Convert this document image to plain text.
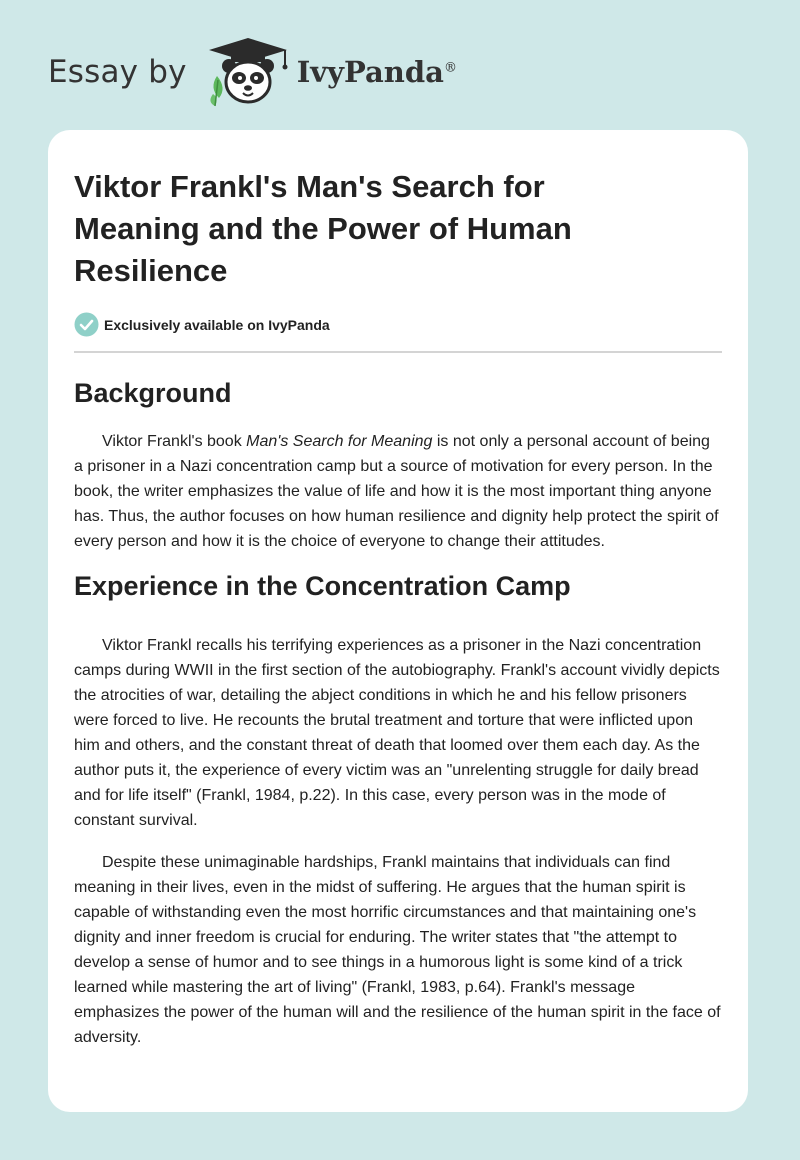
Essay by	IvyPanda®
Viktor Frankl's Man's Search for Meaning and the Power of Human Resilience
Exclusively available on IvyPanda
Background

Viktor Frankl's book Man's Search for Meaning is not only a personal account of being a prisoner in a Nazi concentration camp but a source of motivation for every person. In the book, the writer emphasizes the value of life and how it is the most important thing anyone has. Thus, the author focuses on how human resilience and dignity help protect the spirit of every person and how it is the choice of everyone to change their attitudes.

Experience in the Concentration Camp

Viktor Frankl recalls his terrifying experiences as a prisoner in the Nazi concentration camps during WWII in the first section of the autobiography. Frankl's account vividly depicts the atrocities of war, detailing the abject conditions in which he and his fellow prisoners were forced to live. He recounts the brutal treatment and torture that were inflicted upon him and others, and the constant threat of death that loomed over them each day. As the author puts it, the experience of every victim was an "unrelenting struggle for daily bread and for life itself" (Frankl, 1984, p.22). In this case, every person was in the mode of constant survival.

Despite these unimaginable hardships, Frankl maintains that individuals can find meaning in their lives, even in the midst of suffering. He argues that the human spirit is capable of withstanding even the most horrific circumstances and that maintaining one's dignity and inner freedom is crucial for enduring. The writer states that "the attempt to develop a sense of humor and to see things in a humorous light is some kind of a trick learned while mastering the art of living" (Frankl, 1983, p.64). Frankl's message emphasizes the power of the human will and the resilience of the human spirit in the face of adversity.
